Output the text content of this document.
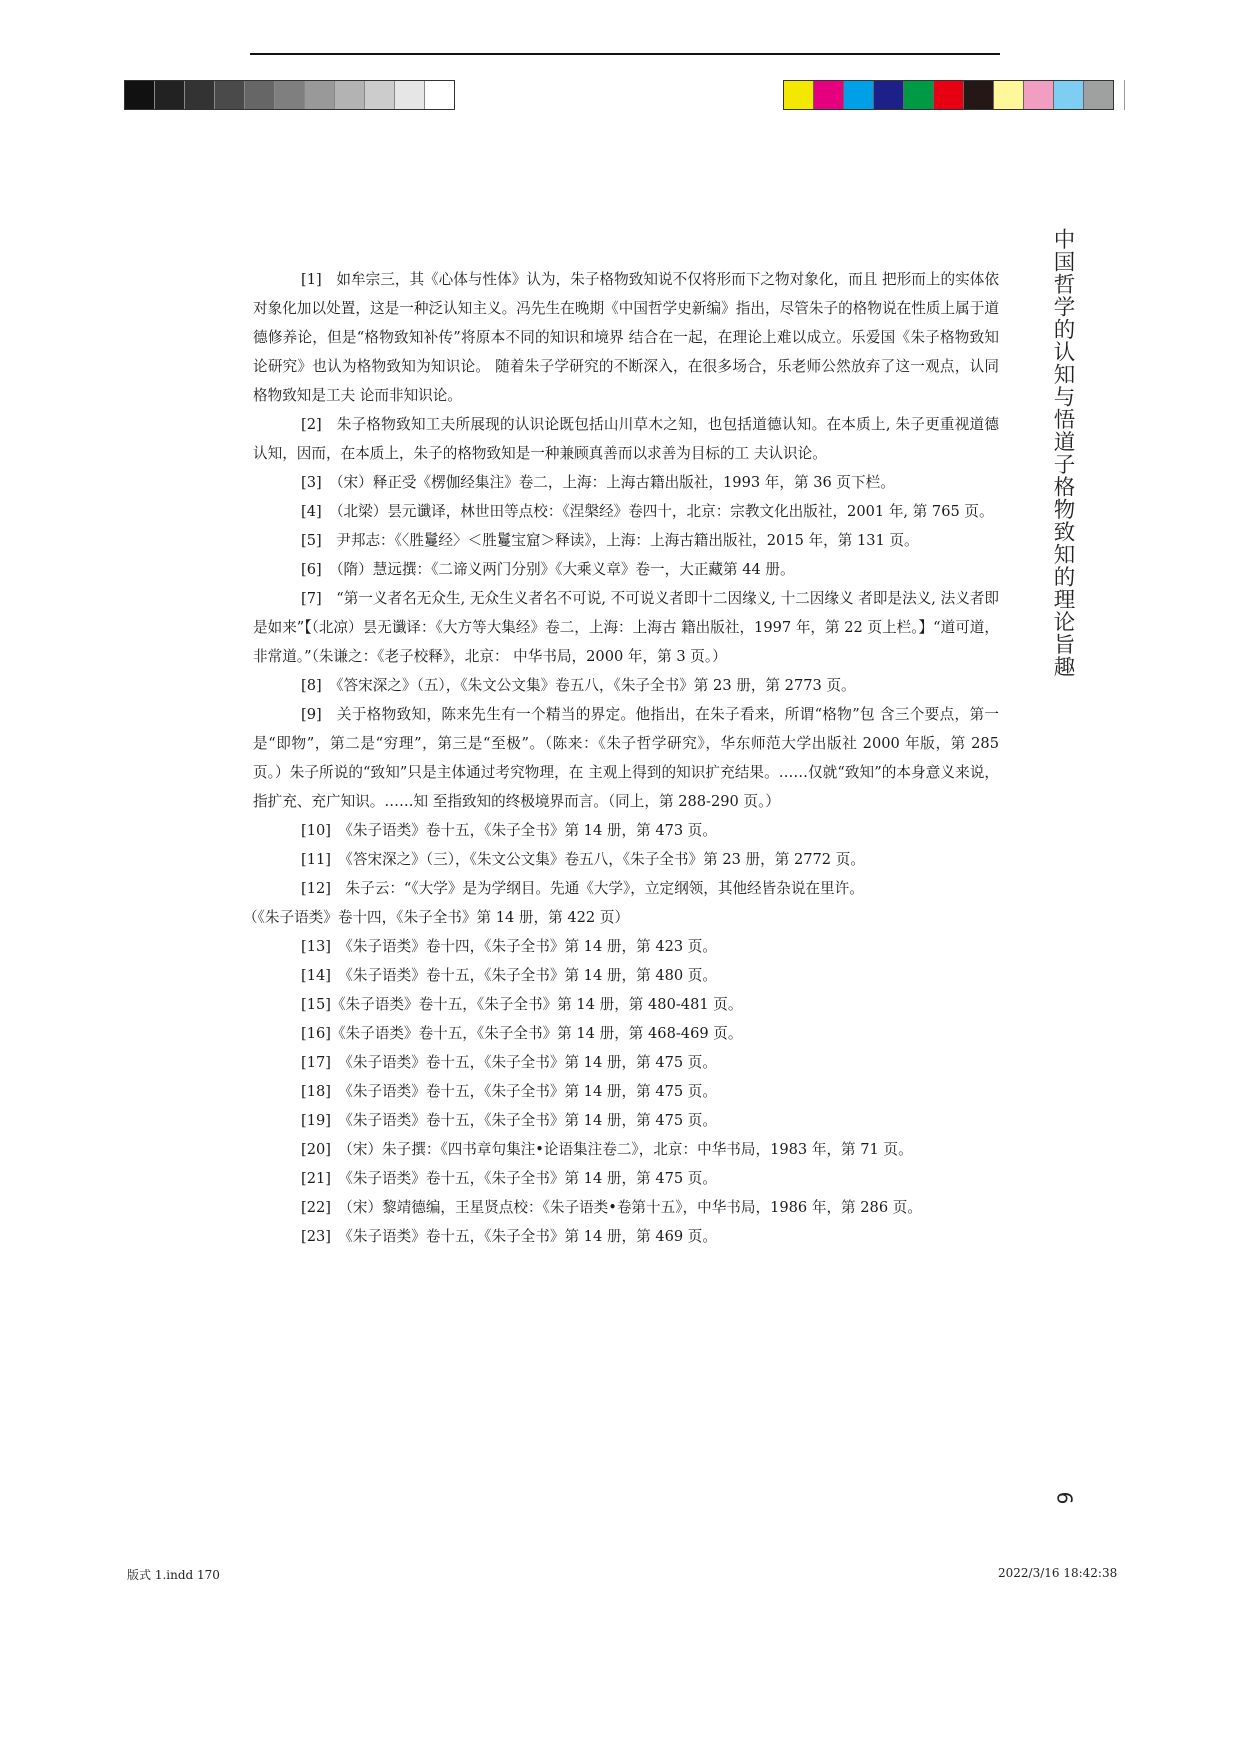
中国哲学的认知与悟道子格物致知的理论旨趣

[1]　如牟宗三，其《心体与性体》认为，朱子格物致知说不仅将形而下之物对象化，而且 把形而上的实体依对象化加以处置，这是一种泛认知主义。冯先生在晚期《中国哲学史新编》指出，尽管朱子的格物说在性质上属于道德修养论，但是“格物致知补传”将原本不同的知识和境界 结合在一起，在理论上难以成立。乐爱国《朱子格物致知论研究》也认为格物致知为知识论。 随着朱子学研究的不断深入，在很多场合，乐老师公然放弃了这一观点，认同格物致知是工夫 论而非知识论。

[2]　朱子格物致知工夫所展现的认识论既包括山川草木之知，也包括道德认知。在本质上, 朱子更重视道德认知，因而，在本质上，朱子的格物致知是一种兼顾真善而以求善为目标的工 夫认识论。

[3]　（宋）释正受《楞伽经集注》卷二，上海：上海古籍出版社，1993 年，第 36 页下栏。

[4]　（北梁）昙元谶译，林世田等点校：《涅槃经》卷四十，北京：宗教文化出版社，2001 年, 第 765 页。

[5]　尹邦志：《〈胜鬘经〉＜胜鬘宝窟＞释读》，上海：上海古籍出版社，2015 年，第 131 页。

[6]　（隋）慧远撰：《二谛义两门分别》《大乘义章》卷一，大正藏第 44 册。

[7]　“第一义者名无众生, 无众生义者名不可说, 不可说义者即十二因缘义, 十二因缘义 者即是法义, 法义者即是如来”【（北凉）昙无谶译：《大方等大集经》卷二，上海：上海古 籍出版社，1997 年，第 22 页上栏。】“道可道，非常道。”（朱谦之：《老子校释》，北京： 中华书局，2000 年，第 3 页。）

[8]　《答宋深之》（五），《朱文公文集》卷五八，《朱子全书》第 23 册，第 2773 页。

[9]　关于格物致知，陈来先生有一个精当的界定。他指出，在朱子看来，所谓“格物”包 含三个要点，第一是“即物”，第二是“穷理”，第三是“至极”。（陈来：《朱子哲学研究》，华东师范大学出版社 2000 年版，第 285 页。）朱子所说的“致知”只是主体通过考究物理，在 主观上得到的知识扩充结果。……仅就“致知”的本身意义来说，指扩充、充广知识。……知 至指致知的终极境界而言。（同上，第 288-290 页。）

[10]　《朱子语类》卷十五，《朱子全书》第 14 册，第 473 页。

[11]　《答宋深之》（三），《朱文公文集》卷五八，《朱子全书》第 23 册，第 2772 页。

[12]　朱子云：“《大学》是为学纲目。先通《大学》，立定纲领，其他经皆杂说在里许。

（《朱子语类》卷十四，《朱子全书》第 14 册，第 422 页）

[13]　《朱子语类》卷十四，《朱子全书》第 14 册，第 423 页。

[14]　《朱子语类》卷十五，《朱子全书》第 14 册，第 480 页。

[15]《朱子语类》卷十五，《朱子全书》第 14 册，第 480-481 页。

[16]《朱子语类》卷十五，《朱子全书》第 14 册，第 468-469 页。

[17]　《朱子语类》卷十五，《朱子全书》第 14 册，第 475 页。

[18]　《朱子语类》卷十五，《朱子全书》第 14 册，第 475 页。

[19]　《朱子语类》卷十五，《朱子全书》第 14 册，第 475 页。

[20]　（宋）朱子撰：《四书章句集注•论语集注卷二》，北京：中华书局，1983 年，第 71 页。

[21]　《朱子语类》卷十五，《朱子全书》第 14 册，第 475 页。

[22]　（宋）黎靖德编，王星贤点校：《朱子语类•卷第十五》，中华书局，1986 年，第 286 页。

[23]　《朱子语类》卷十五，《朱子全书》第 14 册，第 469 页。

6
版式 1.indd 170	2022/3/16 18:42:38
